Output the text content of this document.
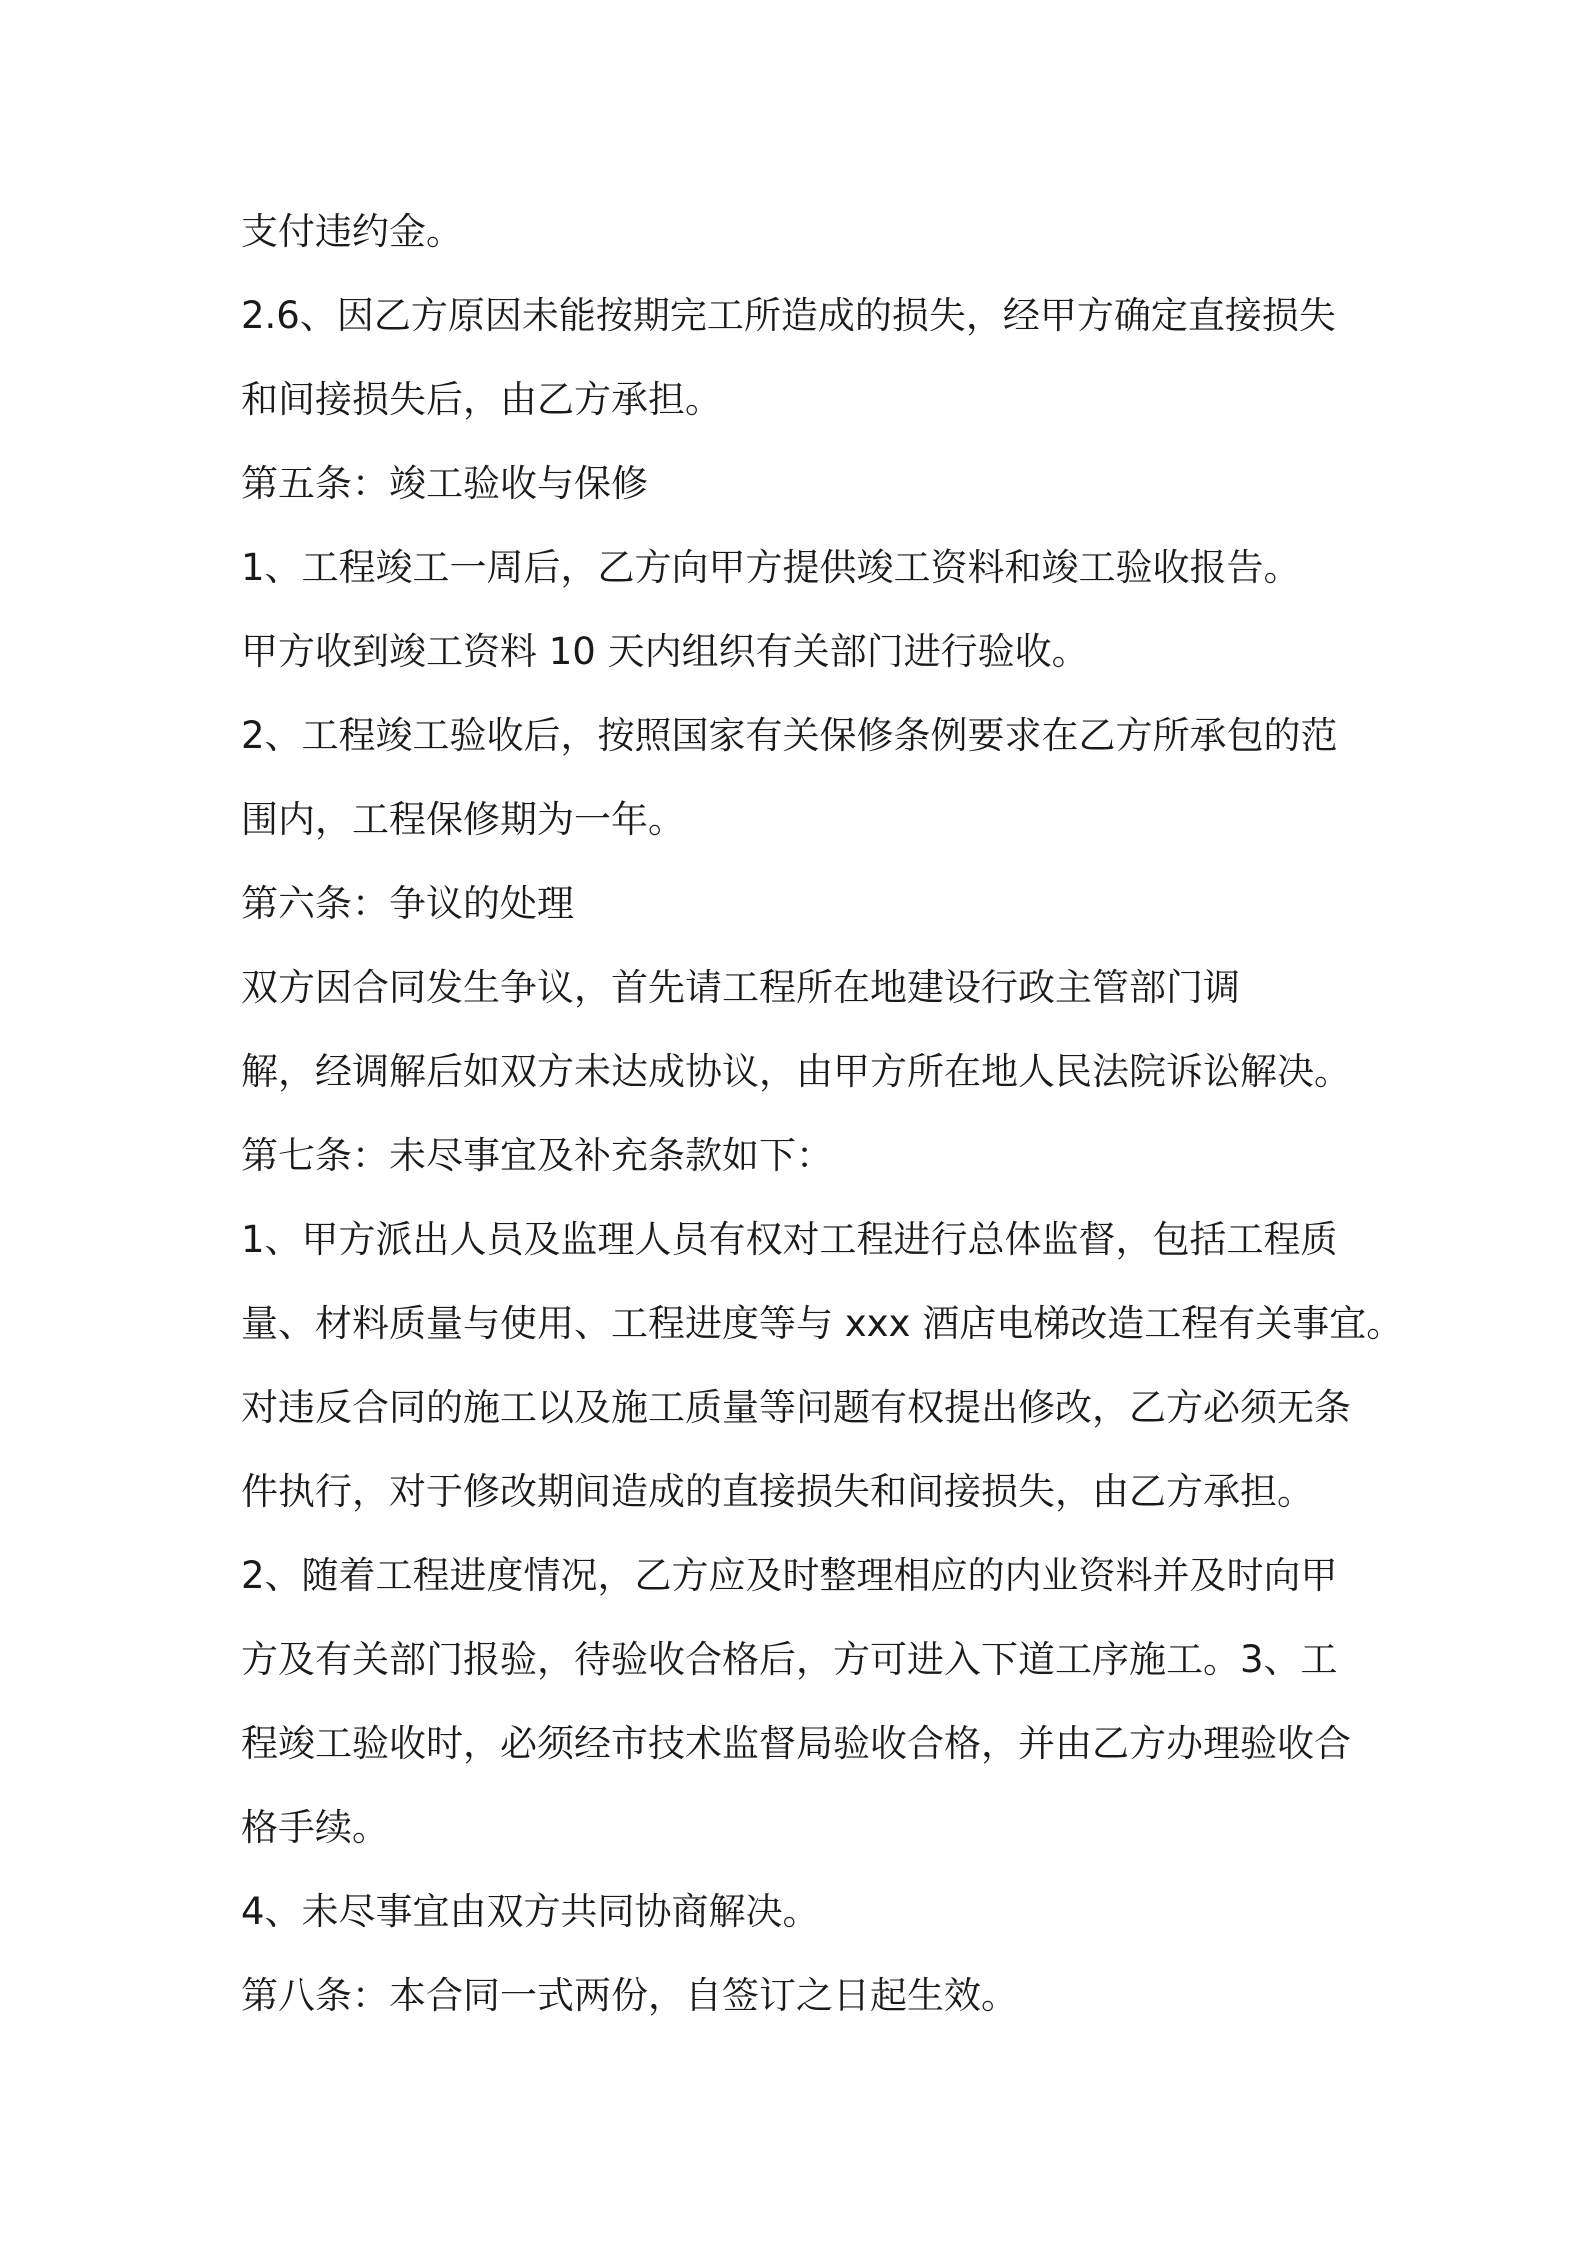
支付违约金。
2.6、因乙方原因未能按期完工所造成的损失，经甲方确定直接损失
和间接损失后，由乙方承担。
第五条：竣工验收与保修
1、工程竣工一周后，乙方向甲方提供竣工资料和竣工验收报告。
甲方收到竣工资料 10 天内组织有关部门进行验收。
2、工程竣工验收后，按照国家有关保修条例要求在乙方所承包的范
围内，工程保修期为一年。
第六条：争议的处理
双方因合同发生争议，首先请工程所在地建设行政主管部门调
解，经调解后如双方未达成协议，由甲方所在地人民法院诉讼解决。
第七条：未尽事宜及补充条款如下：
1、甲方派出人员及监理人员有权对工程进行总体监督，包括工程质
量、材料质量与使用、工程进度等与 xxx 酒店电梯改造工程有关事宜。
对违反合同的施工以及施工质量等问题有权提出修改，乙方必须无条
件执行，对于修改期间造成的直接损失和间接损失，由乙方承担。
2、随着工程进度情况，乙方应及时整理相应的内业资料并及时向甲
方及有关部门报验，待验收合格后，方可进入下道工序施工。3、工
程竣工验收时，必须经市技术监督局验收合格，并由乙方办理验收合
格手续。
4、未尽事宜由双方共同协商解决。
第八条：本合同一式两份，自签订之日起生效。
